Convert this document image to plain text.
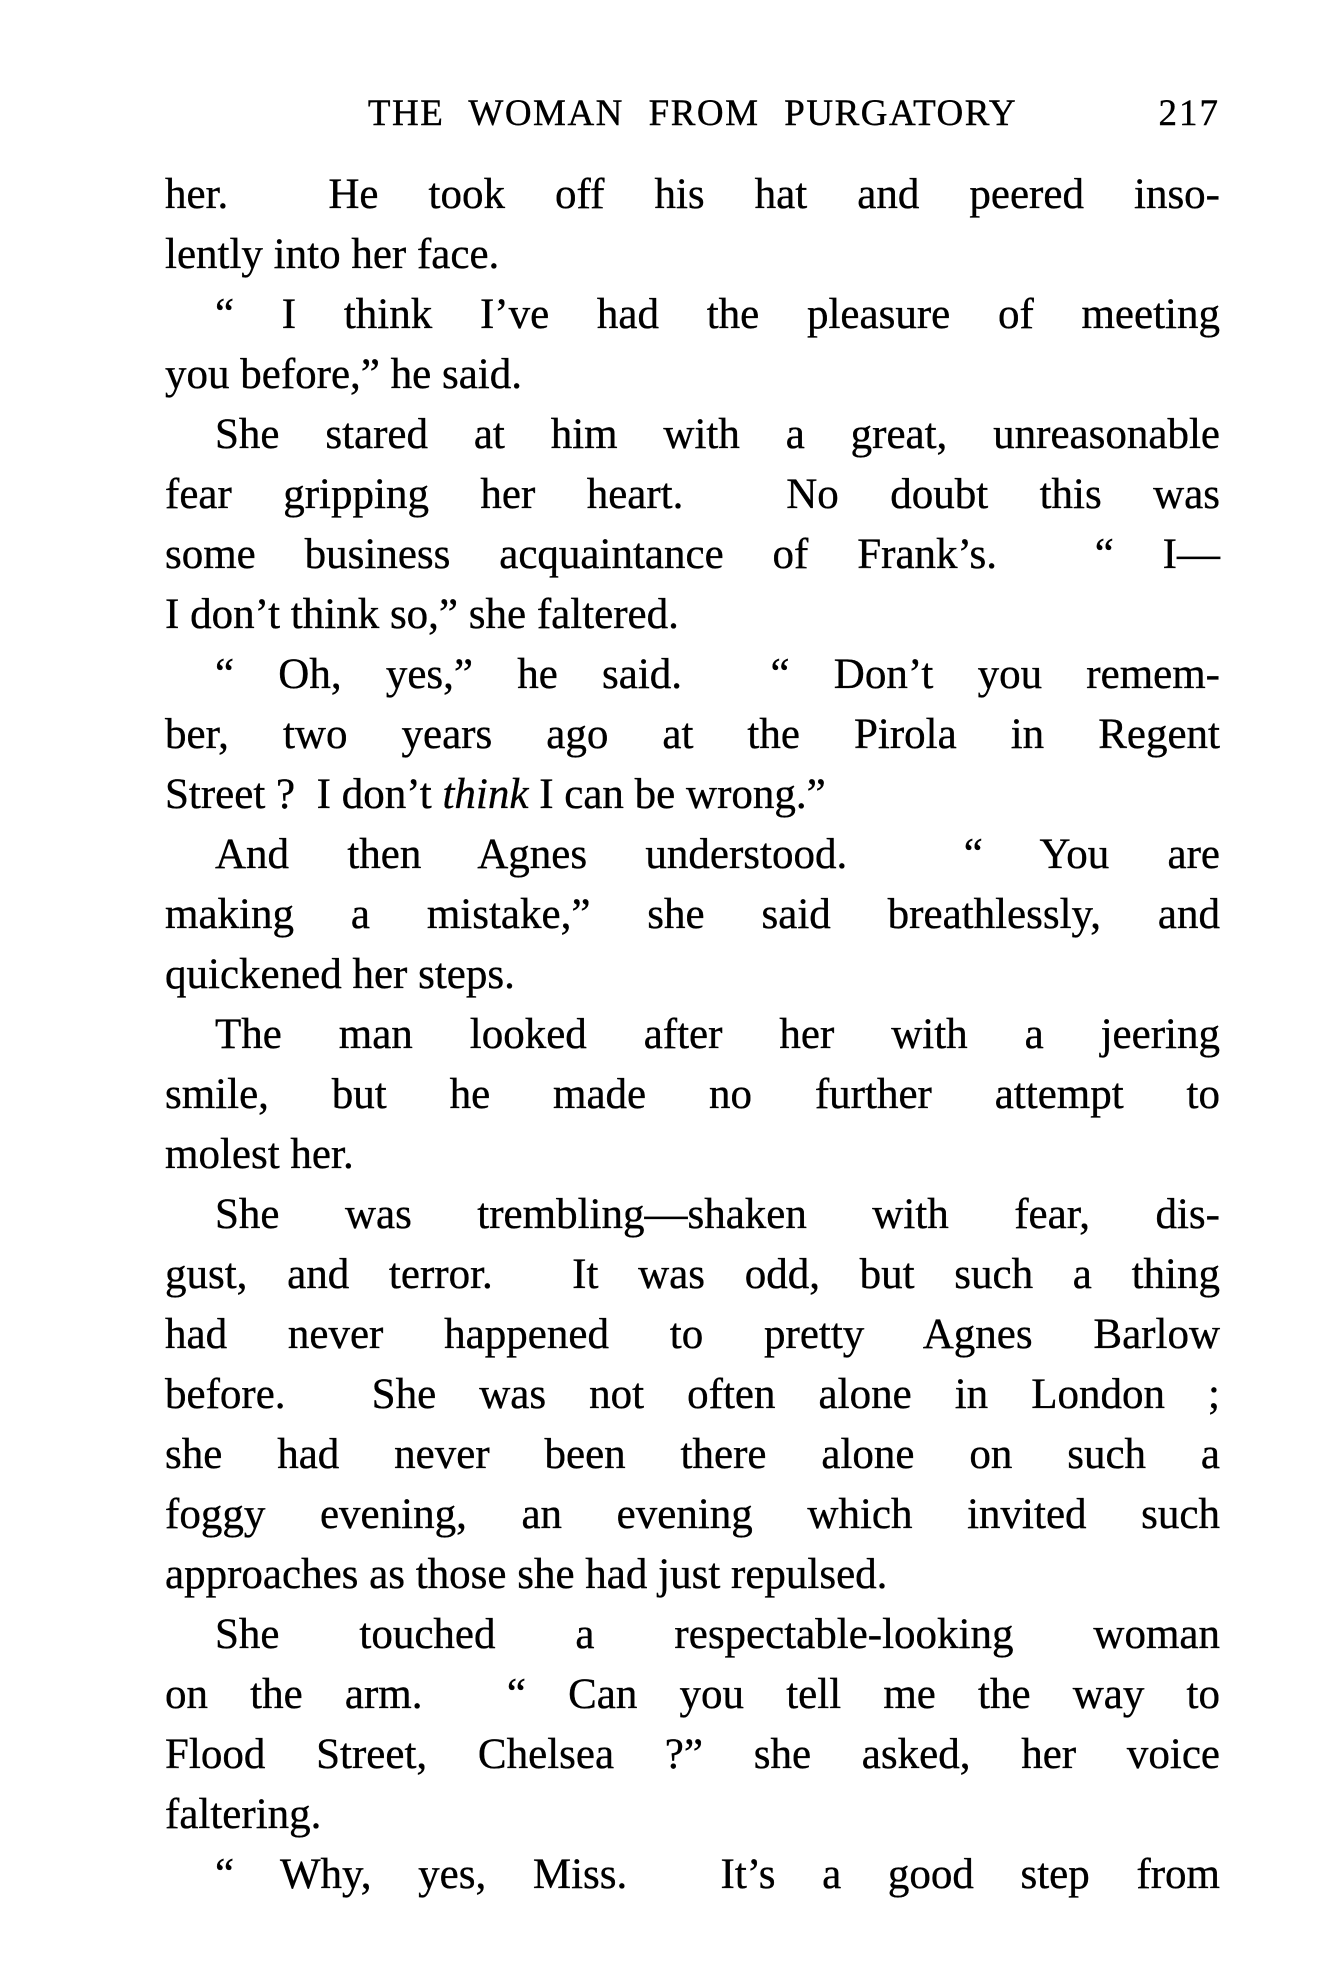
THE WOMAN FROM PURGATORY	217
her.  He took off his hat and peered inso-
lently into her face.
“ I think I’ve had the pleasure of meeting
you before,” he said.
She stared at him with a great, unreasonable
fear gripping her heart.  No doubt this was
some business acquaintance of Frank’s.  “ I—
I don’t think so,” she faltered.
“ Oh, yes,” he said.  “ Don’t you remem-
ber, two years ago at the Pirola in Regent
Street ?  I don’t think I can be wrong.”
And then Agnes understood.  “ You are
making a mistake,” she said breathlessly, and
quickened her steps.
The man looked after her with a jeering
smile, but he made no further attempt to
molest her.
She was trembling—shaken with fear, dis-
gust, and terror.  It was odd, but such a thing
had never happened to pretty Agnes Barlow
before.  She was not often alone in London ;
she had never been there alone on such a
foggy evening, an evening which invited such
approaches as those she had just repulsed.
She touched a respectable-looking woman
on the arm.  “ Can you tell me the way to
Flood Street, Chelsea ?” she asked, her voice
faltering.
“ Why, yes, Miss.  It’s a good step from
